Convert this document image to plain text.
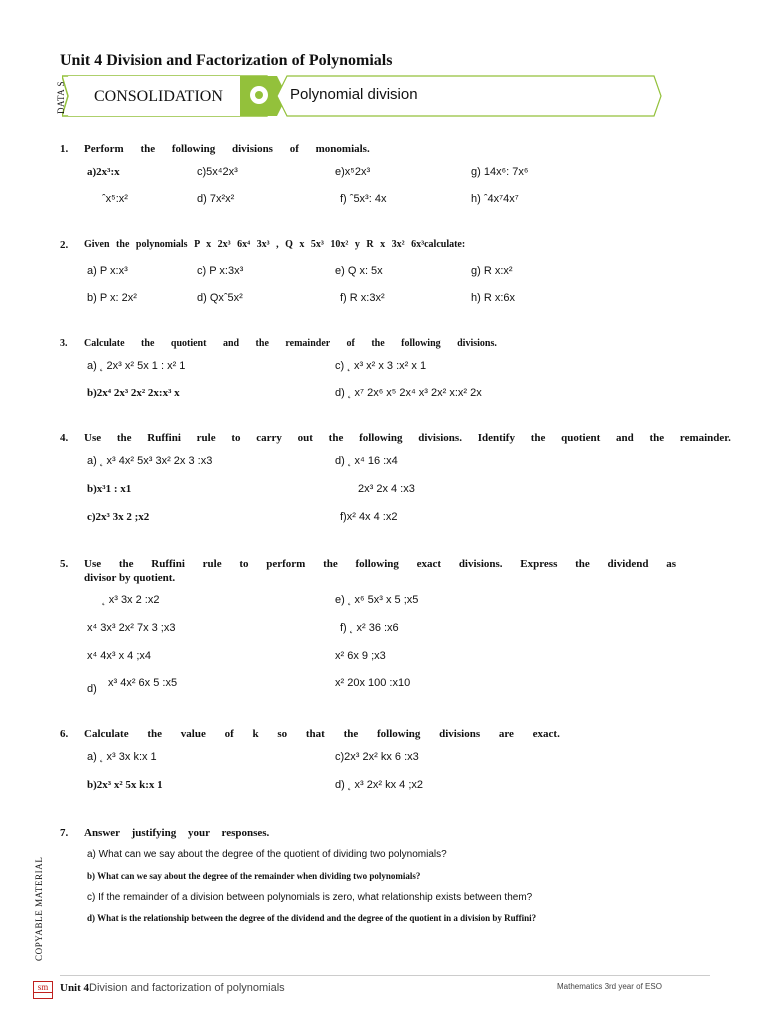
Unit 4 Division and Factorization of Polynomials
DATA S CONSOLIDATION	Polynomial division
1. Perform the following divisions of monomials.
a)2x³:x	c)5x⁴2x³	e)x⁵2x³	g) 14x⁶: 7x⁶
ˆx⁵:x²	d) 7x²x²	f) ˆ5x³: 4x	h) ˆ4x⁷4x⁷
2. Given the polynomials P x 2x³ 6x⁴ 3x³ , Q x 5x³ 10x² y R x 3x² 6x³calculate:
a) P x:x³	c) P x:3x³	e) Q x: 5x	g) R x:x²
b) P x: 2x²	d) Qxˆ5x²	f) R x:3x²	h) R x:6x
3. Calculate the quotient and the remainder of the following divisions.
a) ˛ 2x³ x² 5x 1 : x² 1	c) ˛ x³ x² x 3 :x² x 1
b)2x⁴ 2x³ 2x² 2x:x³ x	d) ˛ x⁷ 2x⁶ x⁵ 2x⁴ x³ 2x² x:x² 2x
4. Use the Ruffini rule to carry out the following divisions. Identify the quotient and the remainder.
a) ˛ x³ 4x² 5x³ 3x² 2x 3 :x3	d) ˛ x⁴ 16 :x4
b)x³1 : x1	2x³ 2x 4 :x3
c)2x³ 3x 2 ;x2	f)x² 4x 4 :x2
5. Use the Ruffini rule to perform the following exact divisions. Express the dividend as
divisor by quotient.
˛ x³ 3x 2 :x2	e) ˛ x⁶ 5x³ x 5 ;x5
x⁴ 3x³ 2x² 7x 3 ;x3	f) ˛ x² 36 :x6
x⁴ 4x³ x 4 ;x4	x² 6x 9 ;x3
d) x³ 4x² 6x 5 :x5	x² 20x 100 :x10
6. Calculate the value of k so that the following divisions are exact.
a) ˛ x³ 3x k:x 1	c)2x³ 2x² kx 6 :x3
b)2x³ x² 5x k:x 1	d) ˛ x³ 2x² kx 4 ;x2
7. Answer justifying your responses.
a) What can we say about the degree of the quotient of dividing two polynomials?
b) What can we say about the degree of the remainder when dividing two polynomials?
c) If the remainder of a division between polynomials is zero, what relationship exists between them?
d) What is the relationship between the degree of the dividend and the degree of the quotient in a division by Ruffini?
COPYABLE MATERIAL
sm	Unit 4Division and factorization of polynomials	Mathematics 3rd year of ESO
